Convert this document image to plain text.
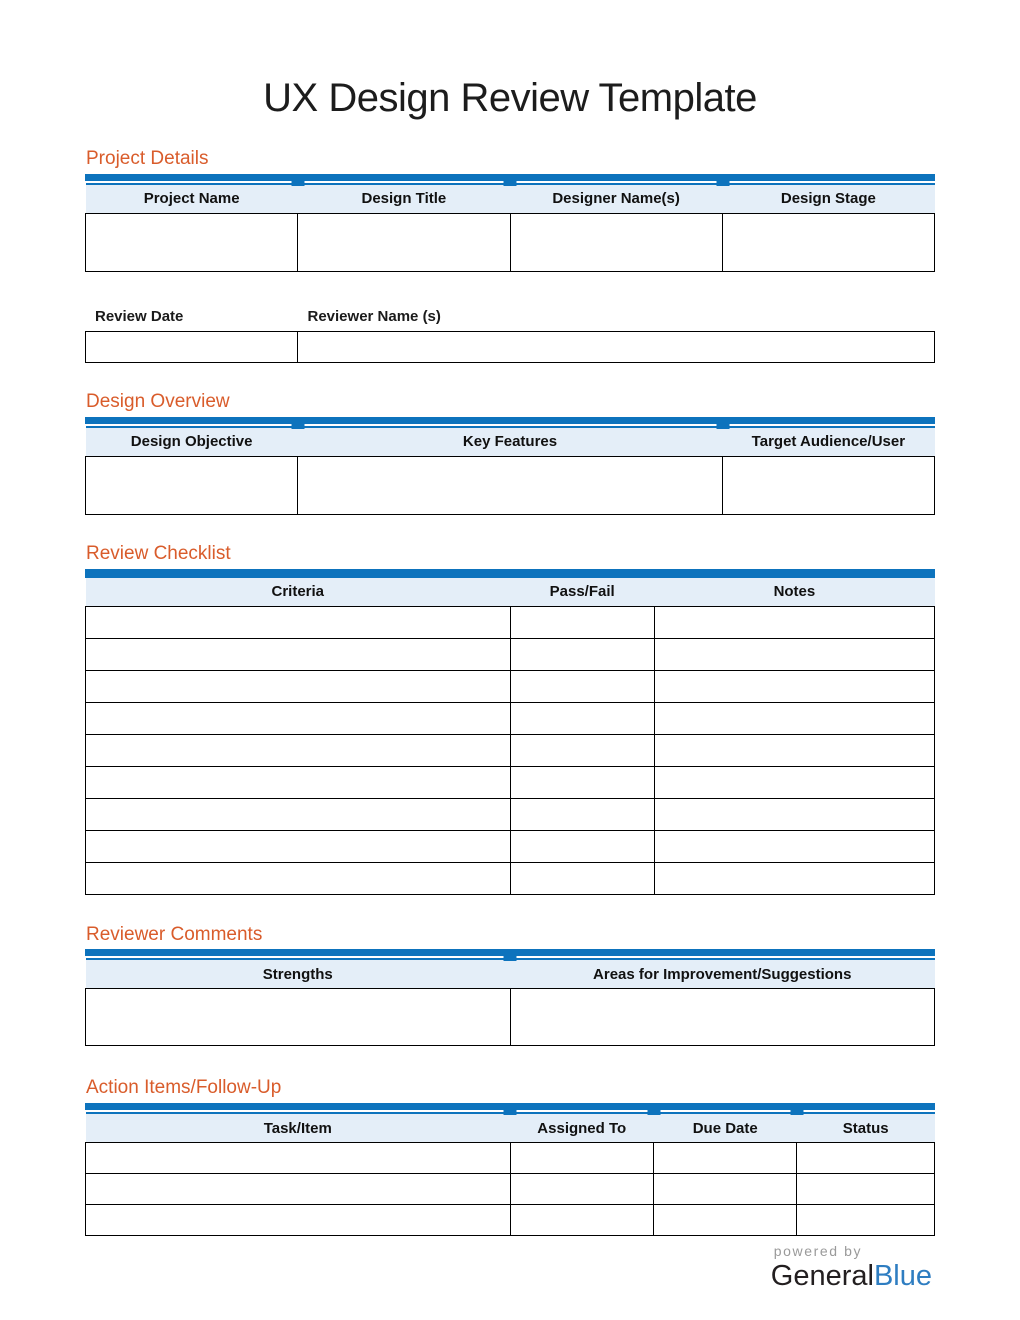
UX Design Review Template
Project Details
Project Name	Design Title	Designer Name(s)	Design Stage

Review Date	Reviewer Name (s)

Design Overview
Design Objective	Key Features	Target Audience/User

Review Checklist
Criteria	Pass/Fail	Notes

Reviewer Comments
Strengths	Areas for Improvement/Suggestions

Action Items/Follow-Up
Task/Item	Assigned To	Due Date	Status

powered by
GeneralBlue
